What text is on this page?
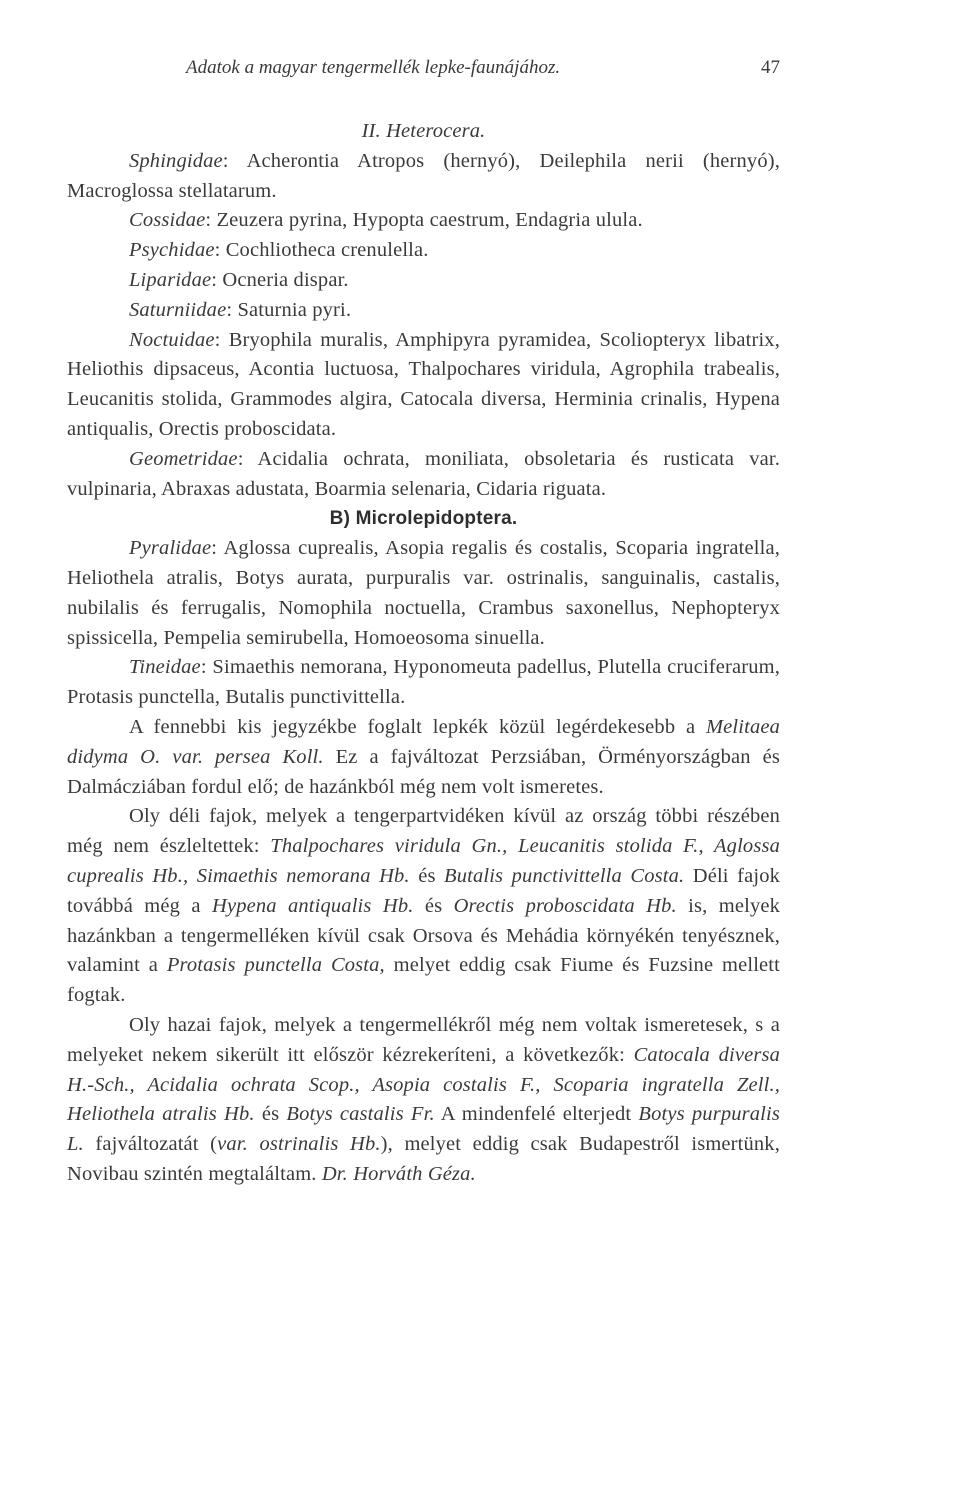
Adatok a magyar tengermellék lepke-faunájához.	47

II. Heterocera.

Sphingidae: Acherontia Atropos (hernyó), Deilephila nerii (hernyó), Macroglossa stellatarum.

Cossidae: Zeuzera pyrina, Hypopta caestrum, Endagria ulula.

Psychidae: Cochliotheca crenulella.

Liparidae: Ocneria dispar.

Saturniidae: Saturnia pyri.

Noctuidae: Bryophila muralis, Amphipyra pyramidea, Scoliopteryx libatrix, Heliothis dipsaceus, Acontia luctuosa, Thalpochares viridula, Agrophila trabealis, Leucanitis stolida, Grammodes algira, Catocala diversa, Herminia crinalis, Hypena antiqualis, Orectis proboscidata.

Geometridae: Acidalia ochrata, moniliata, obsoletaria és rusticata var. vulpinaria, Abraxas adustata, Boarmia selenaria, Cidaria riguata.

B) Microlepidoptera.

Pyralidae: Aglossa cuprealis, Asopia regalis és costalis, Scoparia ingratella, Heliothela atralis, Botys aurata, purpuralis var. ostrinalis, sanguinalis, castalis, nubilalis és ferrugalis, Nomophila noctuella, Crambus saxonellus, Nephopteryx spissicella, Pempelia semirubella, Homoeosoma sinuella.

Tineidae: Simaethis nemorana, Hyponomeuta padellus, Plutella cruciferarum, Protasis punctella, Butalis punctivittella.

A fennebbi kis jegyzékbe foglalt lepkék közül legérdekesebb a Melitaea didyma O. var. persea Koll. Ez a fajváltozat Perzsiában, Örményországban és Dalmácziában fordul elő; de hazánkból még nem volt ismeretes.

Oly déli fajok, melyek a tengerpartvidéken kívül az ország többi részében még nem észleltettek: Thalpochares viridula Gn., Leucanitis stolida F., Aglossa cuprealis Hb., Simaethis nemorana Hb. és Butalis punctivittella Costa. Déli fajok továbbá még a Hypena antiqualis Hb. és Orectis proboscidata Hb. is, melyek hazánkban a tengermelléken kívül csak Orsova és Mehádia környékén tenyésznek, valamint a Protasis punctella Costa, melyet eddig csak Fiume és Fuzsine mellett fogtak.

Oly hazai fajok, melyek a tengermellékről még nem voltak ismeretesek, s a melyeket nekem sikerült itt először kézrekeríteni, a következők: Catocala diversa H.-Sch., Acidalia ochrata Scop., Asopia costalis F., Scoparia ingratella Zell., Heliothela atralis Hb. és Botys castalis Fr. A mindenfelé elterjedt Botys purpuralis L. fajváltozatát (var. ostrinalis Hb.), melyet eddig csak Budapestről ismertünk, Novibau szintén megtaláltam. Dr. Horváth Géza.
